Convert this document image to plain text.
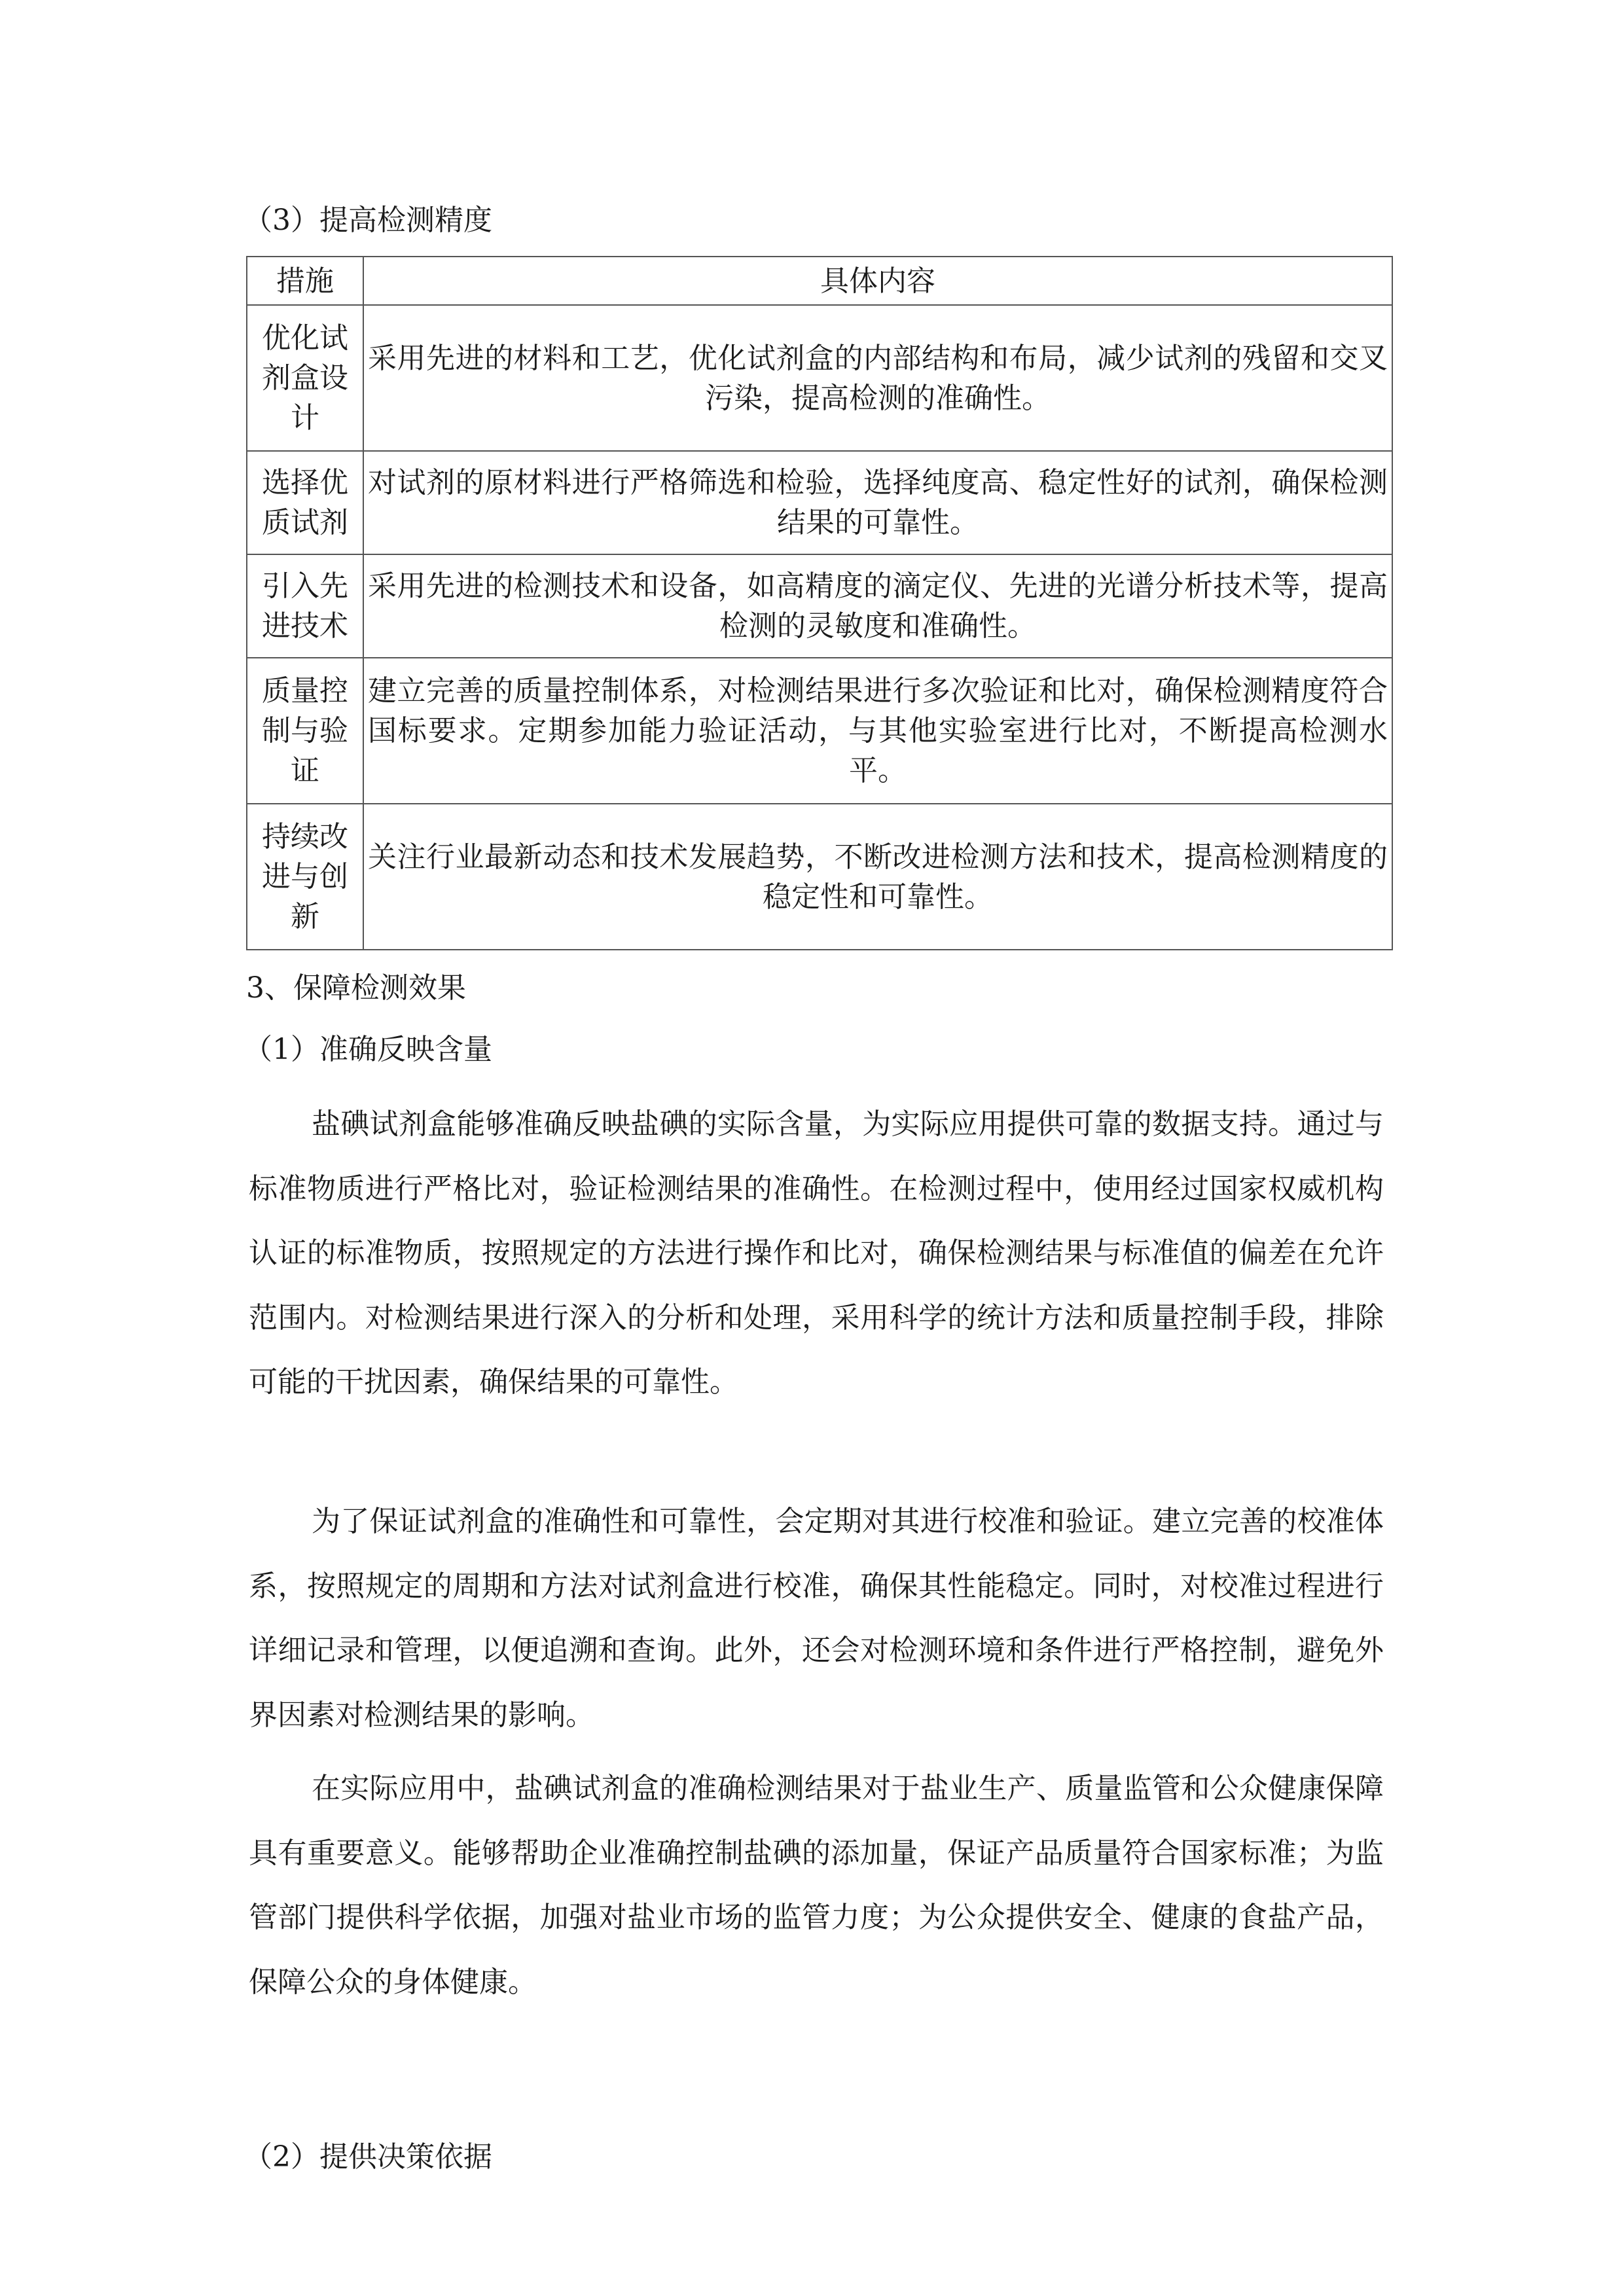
（3）提高检测精度
措施	具体内容
优化试剂盒设计	采用先进的材料和工艺，优化试剂盒的内部结构和布局，减少试剂的残留和交叉污染，提高检测的准确性。
选择优质试剂	对试剂的原材料进行严格筛选和检验，选择纯度高、稳定性好的试剂，确保检测结果的可靠性。
引入先进技术	采用先进的检测技术和设备，如高精度的滴定仪、先进的光谱分析技术等，提高检测的灵敏度和准确性。
质量控制与验证	建立完善的质量控制体系，对检测结果进行多次验证和比对，确保检测精度符合国标要求。定期参加能力验证活动，与其他实验室进行比对，不断提高检测水平。
持续改进与创新	关注行业最新动态和技术发展趋势，不断改进检测方法和技术，提高检测精度的稳定性和可靠性。
3、保障检测效果
（1）准确反映含量

盐碘试剂盒能够准确反映盐碘的实际含量，为实际应用提供可靠的数据支持。通过与标准物质进行严格比对，验证检测结果的准确性。在检测过程中，使用经过国家权威机构认证的标准物质，按照规定的方法进行操作和比对，确保检测结果与标准值的偏差在允许范围内。对检测结果进行深入的分析和处理，采用科学的统计方法和质量控制手段，排除可能的干扰因素，确保结果的可靠性。

为了保证试剂盒的准确性和可靠性，会定期对其进行校准和验证。建立完善的校准体系，按照规定的周期和方法对试剂盒进行校准，确保其性能稳定。同时，对校准过程进行详细记录和管理，以便追溯和查询。此外，还会对检测环境和条件进行严格控制，避免外界因素对检测结果的影响。

在实际应用中，盐碘试剂盒的准确检测结果对于盐业生产、质量监管和公众健康保障具有重要意义。能够帮助企业准确控制盐碘的添加量，保证产品质量符合国家标准；为监管部门提供科学依据，加强对盐业市场的监管力度；为公众提供安全、健康的食盐产品，保障公众的身体健康。

（2）提供决策依据
